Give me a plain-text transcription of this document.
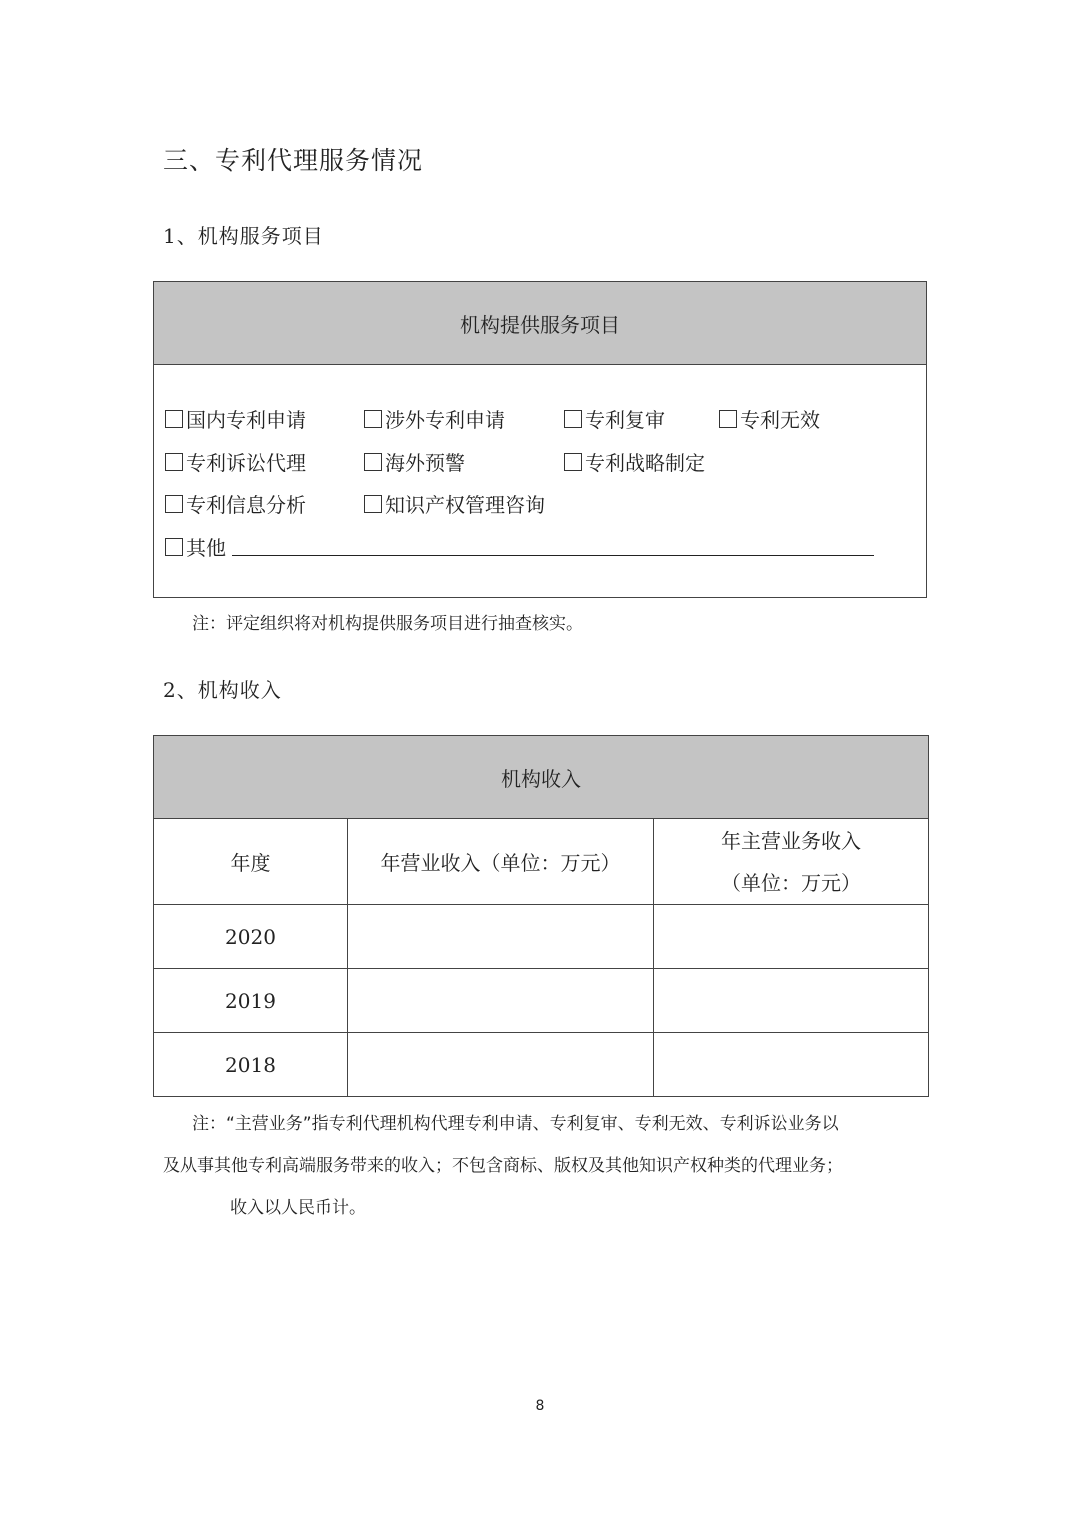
三、专利代理服务情况
1、机构服务项目
机构提供服务项目
国内专利申请	涉外专利申请	专利复审	专利无效
专利诉讼代理	海外预警	专利战略制定
专利信息分析	知识产权管理咨询
其他
注：评定组织将对机构提供服务项目进行抽查核实。
2、机构收入
机构收入		
年度	年营业收入（单位：万元）	年主营业务收入
（单位：万元）

2020		
2019		
2018		
注：“主营业务”指专利代理机构代理专利申请、专利复审、专利无效、专利诉讼业务以
及从事其他专利高端服务带来的收入；不包含商标、版权及其他知识产权种类的代理业务；
收入以人民币计。
8
